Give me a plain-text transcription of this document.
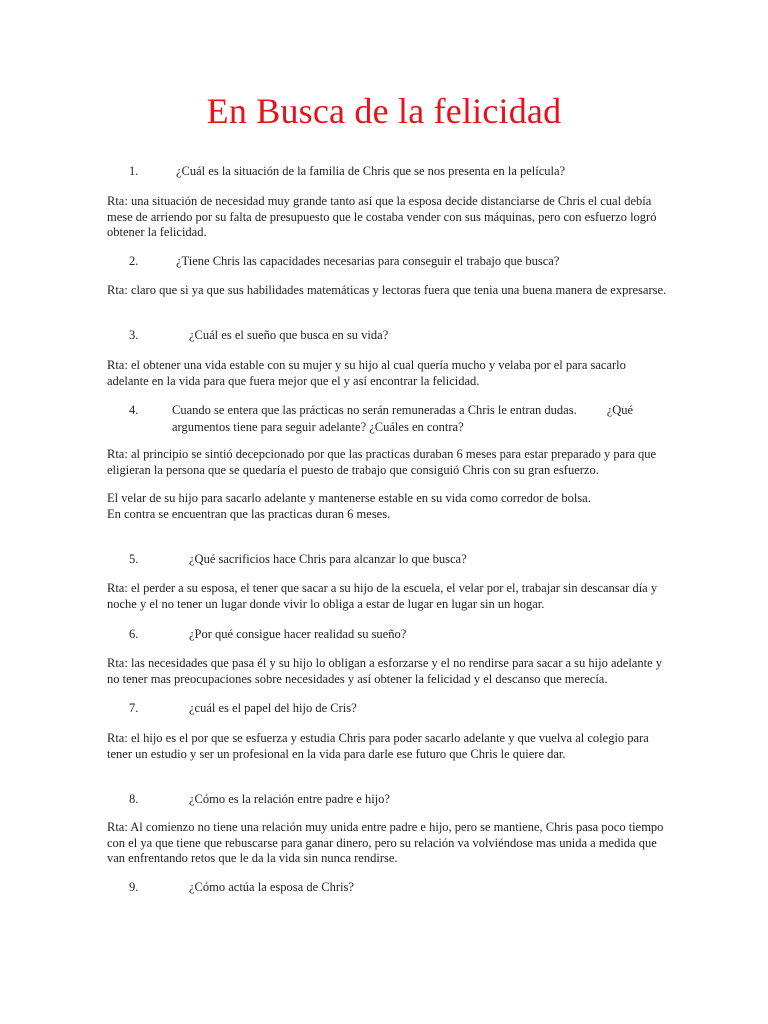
En Busca de la felicidad
1.	¿Cuál es la situación de la familia de Chris que se nos presenta en la película?

Rta: una situación de necesidad muy grande tanto así que la esposa decide distanciarse de Chris el cual debía mese de arriendo por su falta de presupuesto que le costaba vender con sus máquinas, pero con esfuerzo logró obtener la felicidad.

2.	¿Tiene Chris las capacidades necesarias para conseguir el trabajo que busca?

Rta: claro que si ya que sus habilidades matemáticas y lectoras fuera que tenia una buena manera de expresarse.

3.	¿Cuál es el sueño que busca en su vida?

Rta: el obtener una vida estable con su mujer y su hijo al cual quería mucho y velaba por el para sacarlo adelante en la vida para que fuera mejor que el y así encontrar la felicidad.

4.	Cuando se entera que las prácticas no serán remuneradas a Chris le entran dudas. ¿Qué
argumentos tiene para seguir adelante? ¿Cuáles en contra?

Rta: al principio se sintió decepcionado por que las practicas duraban 6 meses para estar preparado y para que eligieran la persona que se quedaría el puesto de trabajo que consiguió Chris con su gran esfuerzo.

El velar de su hijo para sacarlo adelante y mantenerse estable en su vida como corredor de bolsa.

En contra se encuentran que las practicas duran 6 meses.

5.	¿Qué sacrificios hace Chris para alcanzar lo que busca?

Rta: el perder a su esposa, el tener que sacar a su hijo de la escuela, el velar por el, trabajar sin descansar día y noche y el no tener un lugar donde vivir lo obliga a estar de lugar en lugar sin un hogar.

6.	¿Por qué consigue hacer realidad su sueño?

Rta: las necesidades que pasa él y su hijo lo obligan a esforzarse y el no rendirse para sacar a su hijo adelante y no tener mas preocupaciones sobre necesidades y así obtener la felicidad y el descanso que merecía.

7.	¿cuál es el papel del hijo de Cris?

Rta: el hijo es el por que se esfuerza y estudia Chris para poder sacarlo adelante y que vuelva al colegio para tener un estudio y ser un profesional en la vida para darle ese futuro que Chris le quiere dar.

8.	¿Cómo es la relación entre padre e hijo?

Rta: Al comienzo no tiene una relación muy unida entre padre e hijo, pero se mantiene, Chris pasa poco tiempo con el ya que tiene que rebuscarse para ganar dinero, pero su relación va volviéndose mas unida a medida que van enfrentando retos que le da la vida sin nunca rendirse.

9.	¿Cómo actúa la esposa de Chris?
